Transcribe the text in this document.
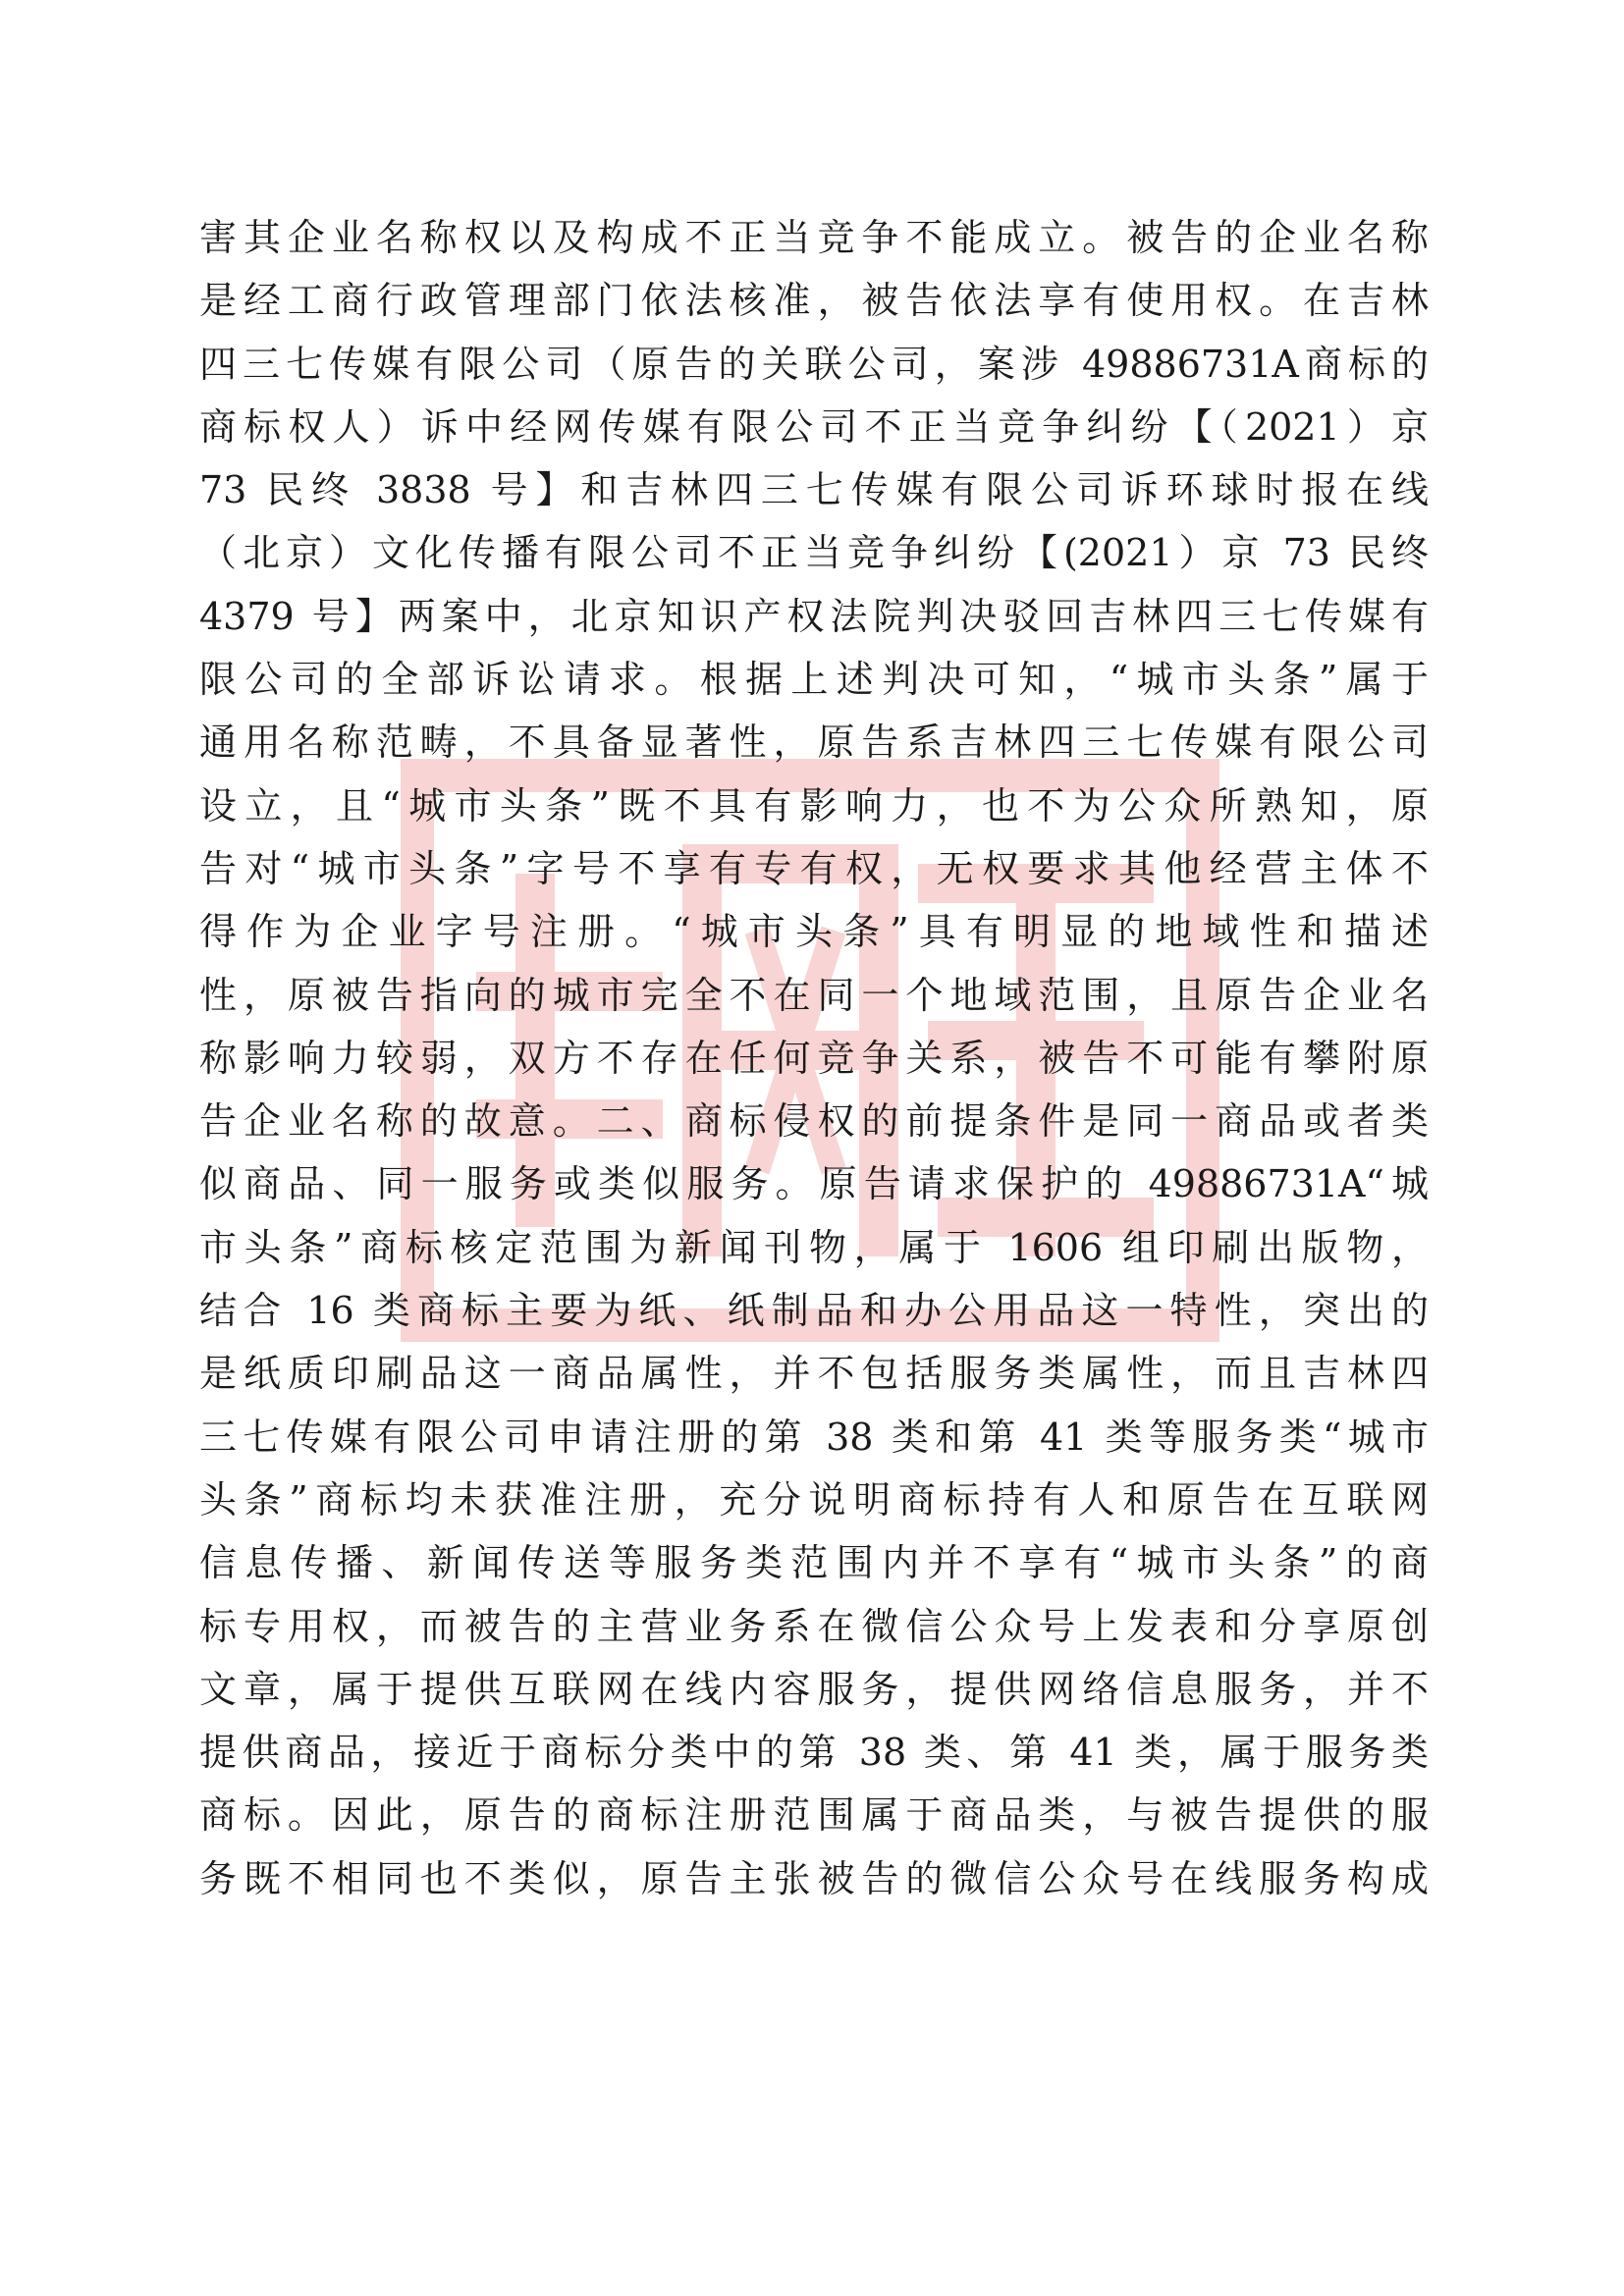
害其企业名称权以及构成不正当竞争不能成立。被告的企业名称
是经工商行政管理部门依法核准，被告依法享有使用权。在吉林
四三七传媒有限公司（原告的关联公司，案涉 49886731A商标的
商标权人）诉中经网传媒有限公司不正当竞争纠纷【（2021）京
73 民终 3838 号】和吉林四三七传媒有限公司诉环球时报在线
（北京）文化传播有限公司不正当竞争纠纷【(2021）京 73 民终
4379 号】两案中，北京知识产权法院判决驳回吉林四三七传媒有
限公司的全部诉讼请求。根据上述判决可知，“城市头条”属于
通用名称范畴，不具备显著性，原告系吉林四三七传媒有限公司
设立，且“城市头条”既不具有影响力，也不为公众所熟知，原
告对“城市头条”字号不享有专有权，无权要求其他经营主体不
得作为企业字号注册。“城市头条”具有明显的地域性和描述
性，原被告指向的城市完全不在同一个地域范围，且原告企业名
称影响力较弱，双方不存在任何竞争关系，被告不可能有攀附原
告企业名称的故意。二、商标侵权的前提条件是同一商品或者类
似商品、同一服务或类似服务。原告请求保护的 49886731A“城
市头条”商标核定范围为新闻刊物，属于 1606 组印刷出版物，
结合 16 类商标主要为纸、纸制品和办公用品这一特性，突出的
是纸质印刷品这一商品属性，并不包括服务类属性，而且吉林四
三七传媒有限公司申请注册的第 38 类和第 41 类等服务类“城市
头条”商标均未获准注册，充分说明商标持有人和原告在互联网
信息传播、新闻传送等服务类范围内并不享有“城市头条”的商
标专用权，而被告的主营业务系在微信公众号上发表和分享原创
文章，属于提供互联网在线内容服务，提供网络信息服务，并不
提供商品，接近于商标分类中的第 38 类、第 41 类，属于服务类
商标。因此，原告的商标注册范围属于商品类，与被告提供的服
务既不相同也不类似，原告主张被告的微信公众号在线服务构成
